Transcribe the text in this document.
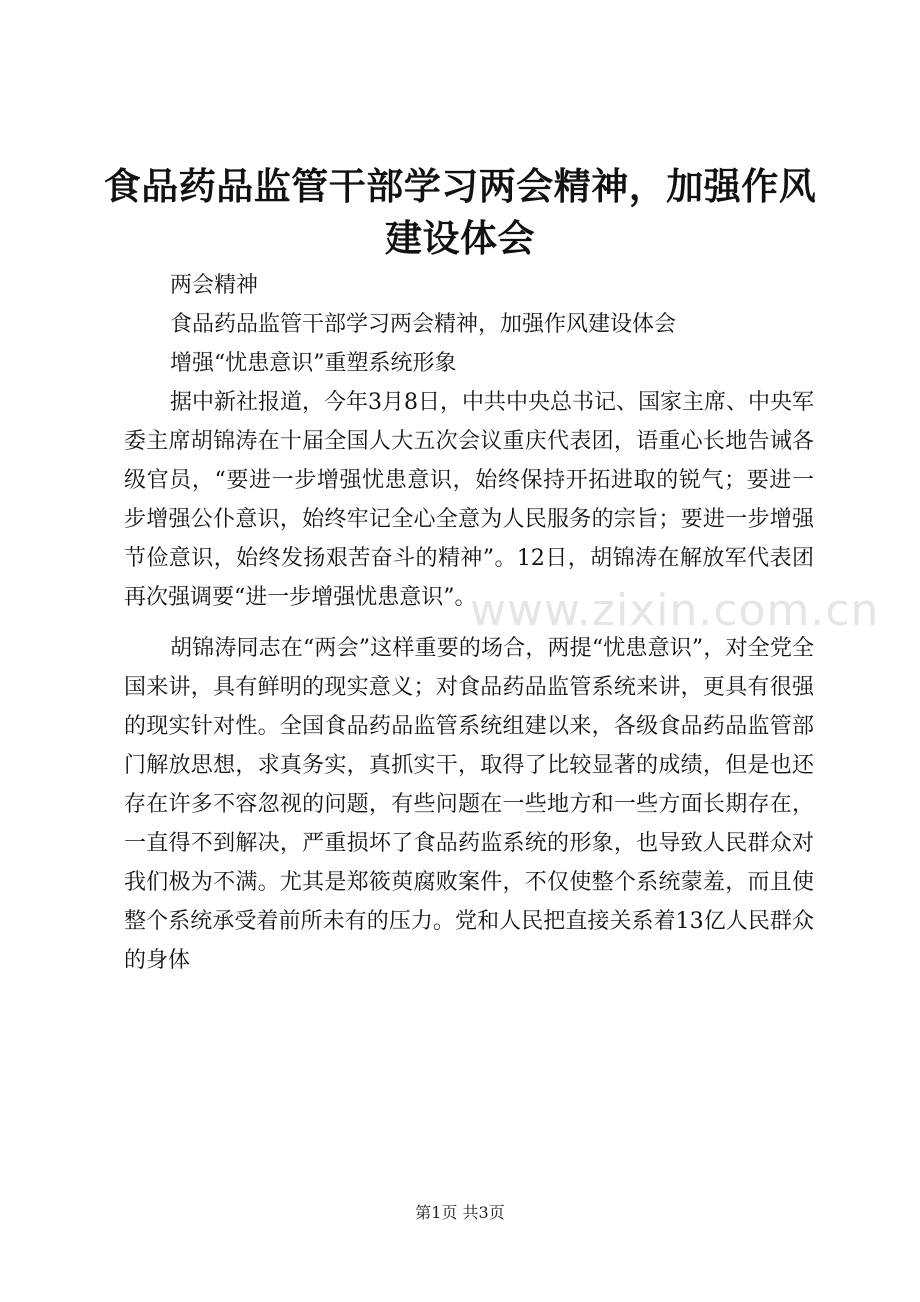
食品药品监管干部学习两会精神，加强作风建设体会

两会精神

食品药品监管干部学习两会精神，加强作风建设体会

增强“忧患意识”重塑系统形象

据中新社报道，今年3月8日，中共中央总书记、国家主席、中央军委主席胡锦涛在十届全国人大五次会议重庆代表团，语重心长地告诫各级官员，“要进一步增强忧患意识，始终保持开拓进取的锐气；要进一步增强公仆意识，始终牢记全心全意为人民服务的宗旨；要进一步增强节俭意识，始终发扬艰苦奋斗的精神”。12日，胡锦涛在解放军代表团再次强调要“进一步增强忧患意识”。

胡锦涛同志在“两会”这样重要的场合，两提“忧患意识”，对全党全国来讲，具有鲜明的现实意义；对食品药品监管系统来讲，更具有很强的现实针对性。全国食品药品监管系统组建以来，各级食品药品监管部门解放思想，求真务实，真抓实干，取得了比较显著的成绩，但是也还存在许多不容忽视的问题，有些问题在一些地方和一些方面长期存在，一直得不到解决，严重损坏了食品药监系统的形象，也导致人民群众对我们极为不满。尤其是郑筱萸腐败案件，不仅使整个系统蒙羞，而且使整个系统承受着前所未有的压力。党和人民把直接关系着13亿人民群众的身体

www.zixin.com.cn
第1页 共3页
